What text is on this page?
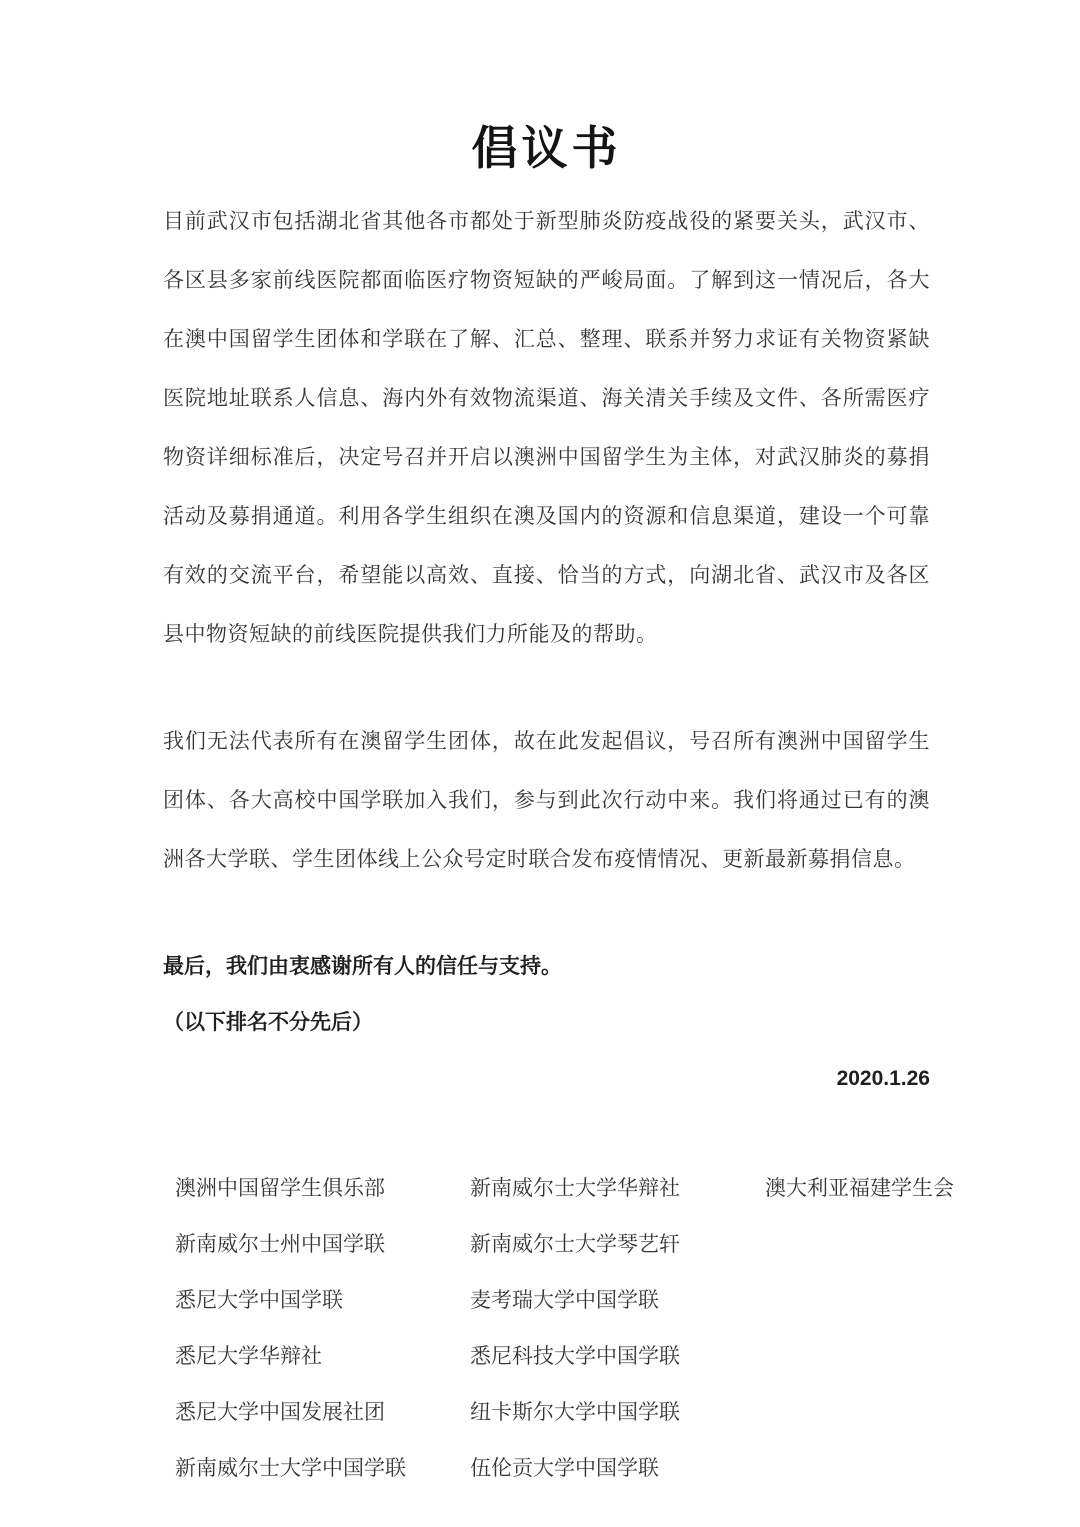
倡议书

目前武汉市包括湖北省其他各市都处于新型肺炎防疫战役的紧要关头，武汉市、各区县多家前线医院都面临医疗物资短缺的严峻局面。了解到这一情况后，各大在澳中国留学生团体和学联在了解、汇总、整理、联系并努力求证有关物资紧缺医院地址联系人信息、海内外有效物流渠道、海关清关手续及文件、各所需医疗物资详细标准后，决定号召并开启以澳洲中国留学生为主体，对武汉肺炎的募捐活动及募捐通道。利用各学生组织在澳及国内的资源和信息渠道，建设一个可靠有效的交流平台，希望能以高效、直接、恰当的方式，向湖北省、武汉市及各区县中物资短缺的前线医院提供我们力所能及的帮助。

我们无法代表所有在澳留学生团体，故在此发起倡议，号召所有澳洲中国留学生团体、各大高校中国学联加入我们，参与到此次行动中来。我们将通过已有的澳洲各大学联、学生团体线上公众号定时联合发布疫情情况、更新最新募捐信息。

最后，我们由衷感谢所有人的信任与支持。

（以下排名不分先后）

2020.1.26

澳洲中国留学生俱乐部	新南威尔士大学华辩社	澳大利亚福建学生会
新南威尔士州中国学联	新南威尔士大学琴艺轩
悉尼大学中国学联	麦考瑞大学中国学联
悉尼大学华辩社	悉尼科技大学中国学联
悉尼大学中国发展社团	纽卡斯尔大学中国学联
新南威尔士大学中国学联	伍伦贡大学中国学联
